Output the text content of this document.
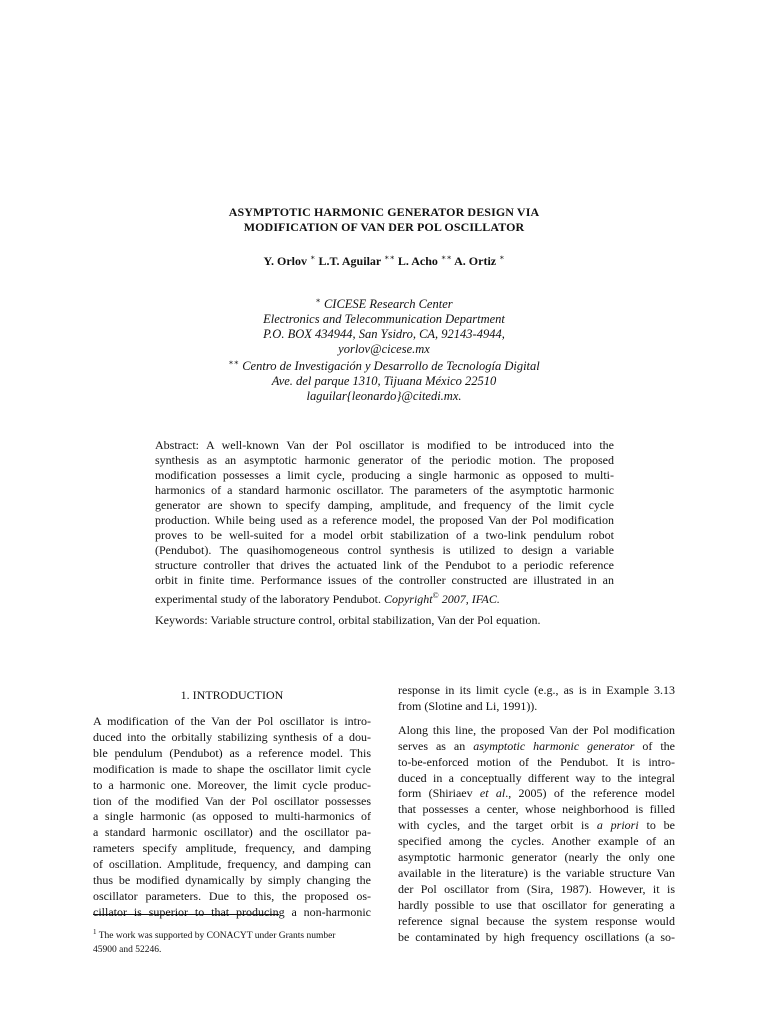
ASYMPTOTIC HARMONIC GENERATOR DESIGN VIA
MODIFICATION OF VAN DER POL OSCILLATOR
Y. Orlov ∗ L.T. Aguilar ∗∗ L. Acho ∗∗ A. Ortiz ∗
∗ CICESE Research Center
Electronics and Telecommunication Department
P.O. BOX 434944, San Ysidro, CA, 92143-4944,
yorlov@cicese.mx
∗∗ Centro de Investigación y Desarrollo de Tecnología Digital
Ave. del parque 1310, Tijuana México 22510
laguilar{leonardo}@citedi.mx.
Abstract: A well-known Van der Pol oscillator is modified to be introduced into the
synthesis as an asymptotic harmonic generator of the periodic motion. The proposed
modification possesses a limit cycle, producing a single harmonic as opposed to multi-
harmonics of a standard harmonic oscillator. The parameters of the asymptotic harmonic
generator are shown to specify damping, amplitude, and frequency of the limit cycle
production. While being used as a reference model, the proposed Van der Pol modification
proves to be well-suited for a model orbit stabilization of a two-link pendulum robot
(Pendubot). The quasihomogeneous control synthesis is utilized to design a variable
structure controller that drives the actuated link of the Pendubot to a periodic reference
orbit in finite time. Performance issues of the controller constructed are illustrated in an
experimental study of the laboratory Pendubot. Copyright© 2007, IFAC.
Keywords: Variable structure control, orbital stabilization, Van der Pol equation.
1. INTRODUCTION
A modification of the Van der Pol oscillator is intro-
duced into the orbitally stabilizing synthesis of a dou-
ble pendulum (Pendubot) as a reference model. This
modification is made to shape the oscillator limit cycle
to a harmonic one. Moreover, the limit cycle produc-
tion of the modified Van der Pol oscillator possesses
a single harmonic (as opposed to multi-harmonics of
a standard harmonic oscillator) and the oscillator pa-
rameters specify amplitude, frequency, and damping
of oscillation. Amplitude, frequency, and damping can
thus be modified dynamically by simply changing the
oscillator parameters. Due to this, the proposed os-
cillator is superior to that producing a non-harmonic
$^1$ The work was supported by CONACYT under Grants number
45900 and 52246.
response in its limit cycle (e.g., as is in Example 3.13
from (Slotine and Li, 1991)).
Along this line, the proposed Van der Pol modification
serves as an asymptotic harmonic generator of the
to-be-enforced motion of the Pendubot. It is intro-
duced in a conceptually different way to the integral
form (Shiriaev et al., 2005) of the reference model
that possesses a center, whose neighborhood is filled
with cycles, and the target orbit is a priori to be
specified among the cycles. Another example of an
asymptotic harmonic generator (nearly the only one
available in the literature) is the variable structure Van
der Pol oscillator from (Sira, 1987). However, it is
hardly possible to use that oscillator for generating a
reference signal because the system response would
be contaminated by high frequency oscillations (a so-
